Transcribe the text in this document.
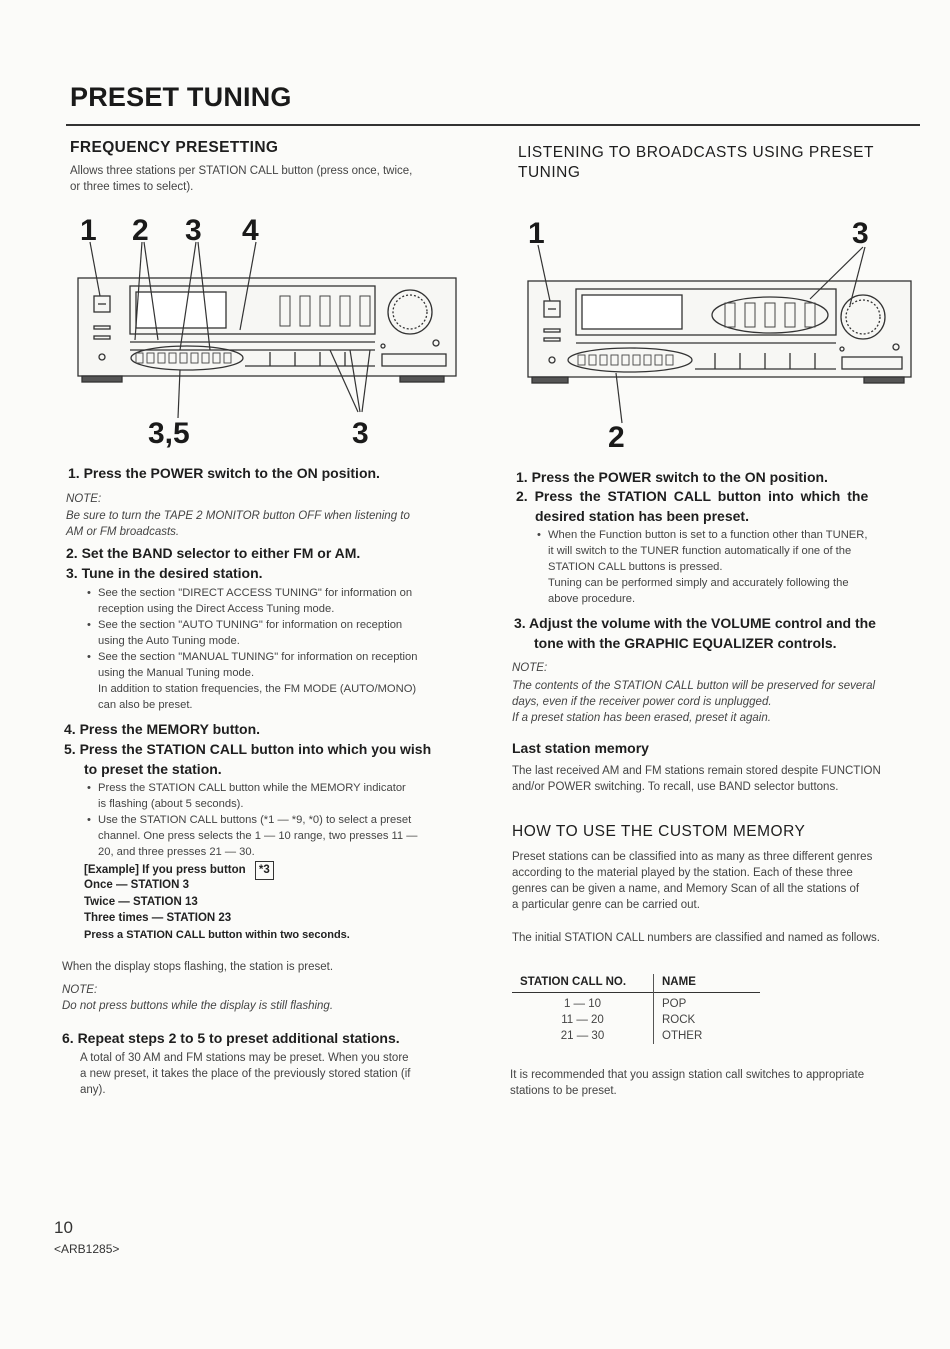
PRESET TUNING
FREQUENCY PRESETTING
Allows three stations per STATION CALL button (press once, twice,
or three times to select).
1 2 3 4
3,5	3
1. Press the POWER switch to the ON position.
NOTE:
Be sure to turn the TAPE 2 MONITOR button OFF when listening to
AM or FM broadcasts.
2. Set the BAND selector to either FM or AM.
3. Tune in the desired station.
• See the section "DIRECT ACCESS TUNING" for information on
reception using the Direct Access Tuning mode.
• See the section "AUTO TUNING" for information on reception
using the Auto Tuning mode.
• See the section "MANUAL TUNING" for information on reception
using the Manual Tuning mode.
In addition to station frequencies, the FM MODE (AUTO/MONO)
can also be preset.
4. Press the MEMORY button.
5. Press the STATION CALL button into which you wish
to preset the station.
• Press the STATION CALL button while the MEMORY indicator
is flashing (about 5 seconds).
• Use the STATION CALL buttons (*1 — *9, *0) to select a preset
channel. One press selects the 1 — 10 range, two presses 11 —
20, and three presses 21 — 30.
[Example] If you press button *3
Once — STATION 3
Twice — STATION 13
Three times — STATION 23
Press a STATION CALL button within two seconds.
When the display stops flashing, the station is preset.
NOTE:
Do not press buttons while the display is still flashing.
6. Repeat steps 2 to 5 to preset additional stations.
A total of 30 AM and FM stations may be preset. When you store
a new preset, it takes the place of the previously stored station (if
any).
LISTENING TO BROADCASTS USING PRESET
TUNING
1	3
2
1. Press the POWER switch to the ON position.
2. Press the STATION CALL button into which the
desired station has been preset.
• When the Function button is set to a function other than TUNER,
it will switch to the TUNER function automatically if one of the
STATION CALL buttons is pressed.
Tuning can be performed simply and accurately following the
above procedure.
3. Adjust the volume with the VOLUME control and the
tone with the GRAPHIC EQUALIZER controls.
NOTE:
The contents of the STATION CALL button will be preserved for several
days, even if the receiver power cord is unplugged.
If a preset station has been erased, preset it again.
Last station memory
The last received AM and FM stations remain stored despite FUNCTION
and/or POWER switching. To recall, use BAND selector buttons.
HOW TO USE THE CUSTOM MEMORY
Preset stations can be classified into as many as three different genres
according to the material played by the station. Each of these three
genres can be given a name, and Memory Scan of all the stations of
a particular genre can be carried out.
The initial STATION CALL numbers are classified and named as follows.
STATION CALL NO.	NAME
1 — 10	POP
11 — 20	ROCK
21 — 30	OTHER
It is recommended that you assign station call switches to appropriate
stations to be preset.
10
<ARB1285>
